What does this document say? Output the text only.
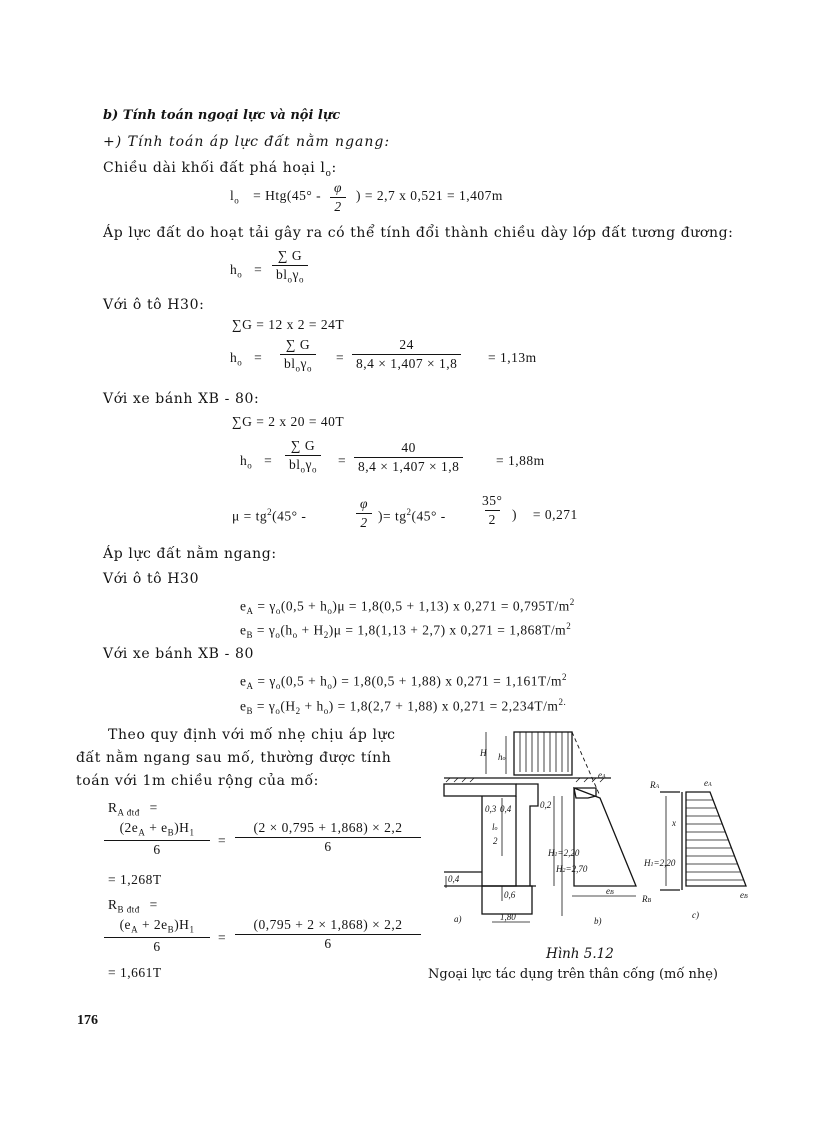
b) Tính toán ngoại lực và nội lực
+) Tính toán áp lực đất nằm ngang:
Chiều dài khối đất phá hoại $l_o$:
$l_o = Htg(45^\circ - \frac{\varphi}{2}$ ) = 2,7 x 0,521 = 1,407m
Áp lực đất do hoạt tải gây ra có thể tính đổi thành chiều dày lớp đất tương đương:
$h_o$ =
∑ G
$bl_o\gamma_o$
Với ô tô H30:
∑G = 12 x 2 = 24T
$h_o$ =
∑ G
$bl_o\gamma_o$
= $\frac{24}{8,4 \times 1,407 \times 1,8} = 1,13m$
Với xe bánh XB - 80:
∑G = 2 x 20 = 40T
$h_o$ =
∑ G
$bl_o\gamma_o$
= $\frac{40}{8,4 \times 1,407 \times 1,8} = 1,88m$
$\mu = tg^2(45^\circ$ -	$\frac{\varphi}{2}$ )= $tg^2(45^\circ - \frac{35^\circ}{2}$ ) = 0,271
Áp lực đất nằm ngang:
Với ô tô H30
$e_A = \gamma_o(0,5 + h_o)\mu = 1,8(0,5 + 1,13)$ x $0,271 = 0,795T/m^2$
$e_B = \gamma_o(h_o + H_2)\mu = 1,8(1,13 + 2,7)$ x $0,271 = 1,868T/m^2$
Với xe bánh XB - 80
$e_A = \gamma_o(0,5 + h_o) = 1,8(0,5 + 1,88)$ x $0,271 = 1,161T/m^2$
$e_B = \gamma_o(H_2 + h_o) = 1,8(2,7 + 1,88)$ x $0,271 = 2,234T/m^{2.}$
Theo quy định với mố nhẹ chịu áp lực
đất nằm ngang sau mố, thường được tính
toán với 1m chiều rộng của mố:
$R_{A đtđ}$ =
$\frac{(2e_A + e_B)H_1}{6} = \frac{(2 \times 0,795 + 1,868) \times 2,2}{6}$
= 1,268T
$R_{B đtđ}$ =
$\frac{(e_A + 2e_B)H_1}{6} = \frac{(0,795 + 2 \times 1,868) \times 2,2}{6}$
= 1,661T
H ho
0,3 0,4	0,2
lo
2
H1=2,20
H2=2,70
0,4
0,6
1,80
a)	b)
c)
eA
eA
RA
eB
RB
eB
x
H1=2,20
Hình 5.12
Ngoại lực tác dụng trên thân cống (mố nhẹ)
176
